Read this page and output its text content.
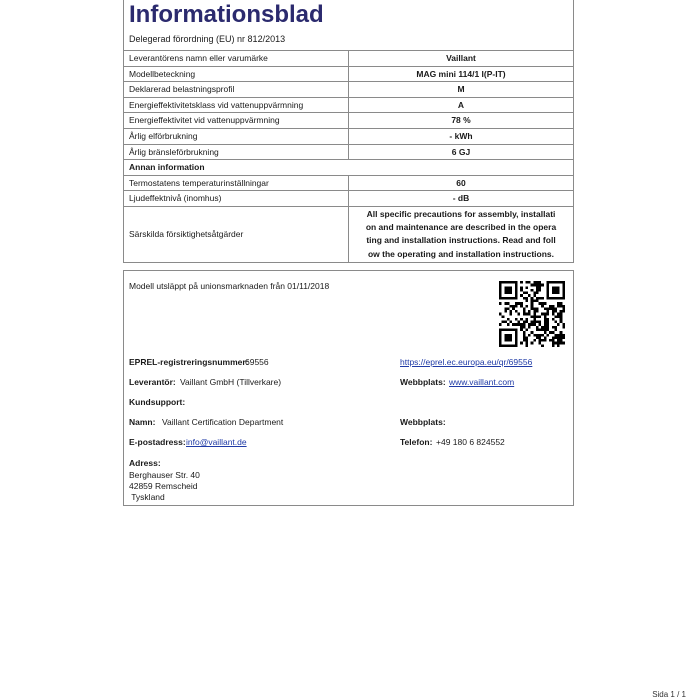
Informationsblad
Delegerad förordning (EU) nr 812/2013
Leverantörens namn eller varumärke	Vaillant
Modellbeteckning	MAG mini 114/1 I(P-IT)
Deklarerad belastningsprofil	M
Energieffektivitetsklass vid vattenuppvärmning	A
Energieffektivitet vid vattenuppvärmning	78 %
Årlig elförbrukning	- kWh
Årlig bränsleförbrukning	6 GJ
Annan information
Termostatens temperaturinställningar	60
Ljudeffektnivå (inomhus)	- dB
Särskilda försiktighetsåtgärder
All specific precautions for assembly, installati
on and maintenance are described in the opera
ting and installation instructions. Read and foll
ow the operating and installation instructions.
Modell utsläppt på unionsmarknaden från 01/11/2018
EPREL-registreringsnummer:
69556	https://eprel.ec.europa.eu/qr/69556
Leverantör: Vaillant GmbH (Tillverkare)	Webbplats: www.vaillant.com
Kundsupport:
Namn: Vaillant Certification Department	Webbplats:
E-postadress: info@vaillant.de	Telefon: +49 180 6 824552
Adress:
Berghauser Str. 40
42859 Remscheid
Tyskland
Sida 1 / 1
